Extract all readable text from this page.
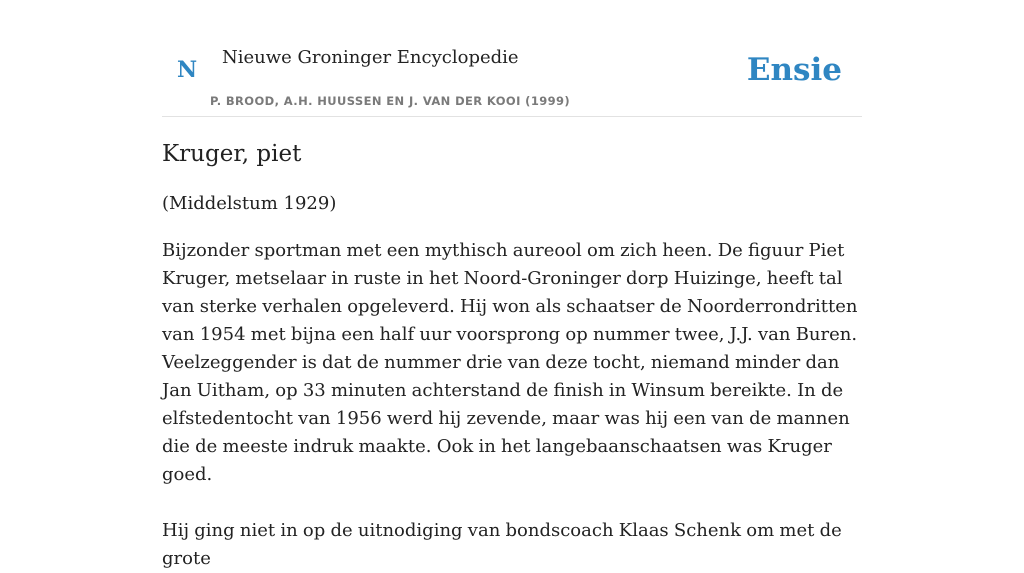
N Nieuwe Groninger Encyclopedie
P. BROOD, A.H. HUUSSEN EN J. VAN DER KOOI (1999)
Ensie
Kruger, piet

(Middelstum 1929)

Bijzonder sportman met een mythisch aureool om zich heen. De figuur Piet Kruger, metselaar in ruste in het Noord-Groninger dorp Huizinge, heeft tal van sterke verhalen opgeleverd. Hij won als schaatser de Noorderrondritten van 1954 met bijna een half uur voorsprong op nummer twee, J.J. van Buren. Veelzeggender is dat de nummer drie van deze tocht, niemand minder dan Jan Uitham, op 33 minuten achterstand de finish in Winsum bereikte. In de elfstedentocht van 1956 werd hij zevende, maar was hij een van de mannen die de meeste indruk maakte. Ook in het langebaanschaatsen was Kruger goed.

Hij ging niet in op de uitnodiging van bondscoach Klaas Schenk om met de grote
